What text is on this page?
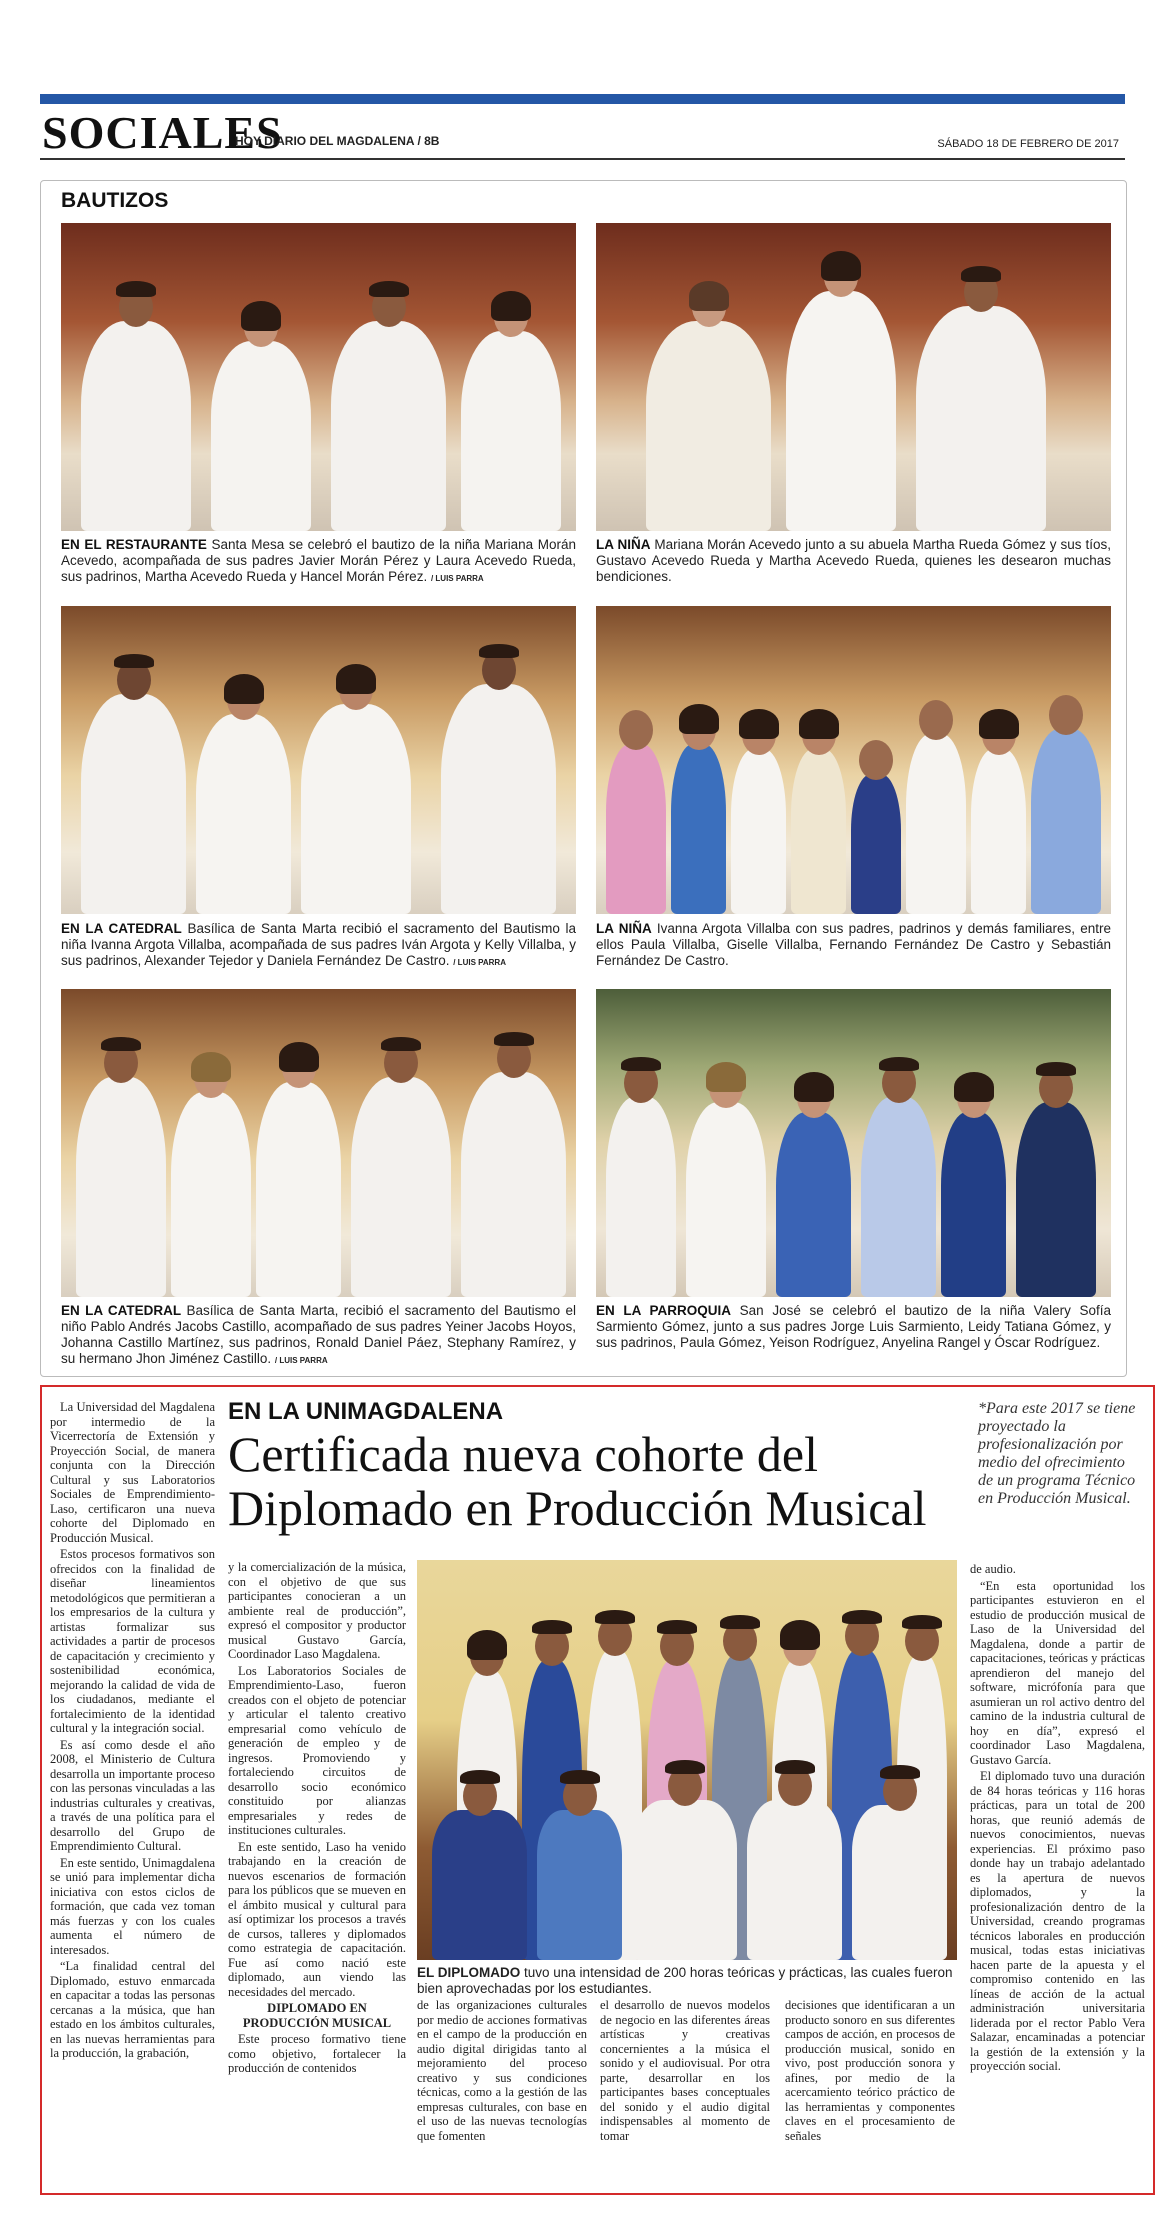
SOCIALES
HOY DIARIO DEL MAGDALENA / 8B	SÁBADO 18 DE FEBRERO DE 2017
BAUTIZOS
EN EL RESTAURANTE Santa Mesa se celebró el bautizo de la niña Mariana Morán Acevedo, acompañada de sus padres Javier Morán Pérez y Laura Acevedo Rueda, sus padrinos, Martha Acevedo Rueda y Hancel Morán Pérez. / LUIS PARRA
LA NIÑA Mariana Morán Acevedo junto a su abuela Martha Rueda Gómez y sus tíos, Gustavo Acevedo Rueda y Martha Acevedo Rueda, quienes les desearon muchas bendiciones.
EN LA CATEDRAL Basílica de Santa Marta recibió el sacramento del Bautismo la niña Ivanna Argota Villalba, acompañada de sus padres Iván Argota y Kelly Villalba, y sus padrinos, Alexander Tejedor y Daniela Fernández De Castro. / LUIS PARRA
LA NIÑA Ivanna Argota Villalba con sus padres, padrinos y demás familiares, entre ellos Paula Villalba, Giselle Villalba, Fernando Fernández De Castro y Sebastián Fernández De Castro.
EN LA CATEDRAL Basílica de Santa Marta, recibió el sacramento del Bautismo el niño Pablo Andrés Jacobs Castillo, acompañado de sus padres Yeiner Jacobs Hoyos, Johanna Castillo Martínez, sus padrinos, Ronald Daniel Páez, Stephany Ramírez, y su hermano Jhon Jiménez Castillo. / LUIS PARRA
EN LA PARROQUIA San José se celebró el bautizo de la niña Valery Sofía Sarmiento Gómez, junto a sus padres Jorge Luis Sarmiento, Leidy Tatiana Gómez, y sus padrinos, Paula Gómez, Yeison Rodríguez, Anyelina Rangel y Óscar Rodríguez.

La Universidad del Magdalena por intermedio de la Vicerrectoría de Extensión y Proyección Social, de manera conjunta con la Dirección Cultural y sus Laboratorios Sociales de Emprendimiento-Laso, certificaron una nueva cohorte del Diplomado en Producción Musical.

Estos procesos formativos son ofrecidos con la finalidad de diseñar lineamientos metodológicos que permitieran a los empresarios de la cultura y artistas formalizar sus actividades a partir de procesos de capacitación y crecimiento y sostenibilidad económica, mejorando la calidad de vida de los ciudadanos, mediante el fortalecimiento de la identidad cultural y la integración social.

Es así como desde el año 2008, el Ministerio de Cultura desarrolla un importante proceso con las personas vinculadas a las industrias culturales y creativas, a través de una política para el desarrollo del Grupo de Emprendimiento Cultural.

En este sentido, Unimagdalena se unió para implementar dicha iniciativa con estos ciclos de formación, que cada vez toman más fuerzas y con los cuales aumenta el número de interesados.

“La finalidad central del Diplomado, estuvo enmarcada en capacitar a todas las personas cercanas a la música, que han estado en los ámbitos culturales, en las nuevas herramientas para la producción, la grabación,

EN LA UNIMAGDALENA
Certificada nueva cohorte del
Diplomado en Producción Musical
*Para este 2017 se tiene proyectado la profesionalización por medio del ofrecimiento de un programa Técnico en Producción Musical.

y la comercialización de la música, con el objetivo de que sus participantes conocieran a un ambiente real de producción”, expresó el compositor y productor musical Gustavo García, Coordinador Laso Magdalena.

Los Laboratorios Sociales de Emprendimiento-Laso, fueron creados con el objeto de potenciar y articular el talento creativo empresarial como vehículo de generación de empleo y de ingresos. Promoviendo y fortaleciendo circuitos de desarrollo socio económico constituido por alianzas empresariales y redes de instituciones culturales.

En este sentido, Laso ha venido trabajando en la creación de nuevos escenarios de formación para los públicos que se mueven en el ámbito musical y cultural para así optimizar los procesos a través de cursos, talleres y diplomados como estrategia de capacitación. Fue así como nació este diplomado, aun viendo las necesidades del mercado.

DIPLOMADO EN PRODUCCIÓN MUSICAL

Este proceso formativo tiene como objetivo, fortalecer la producción de contenidos

EL DIPLOMADO tuvo una intensidad de 200 horas teóricas y prácticas, las cuales fueron bien aprovechadas por los estudiantes.

de las organizaciones culturales por medio de acciones formativas en el campo de la producción en audio digital dirigidas tanto al mejoramiento del proceso creativo y sus condiciones técnicas, como a la gestión de las empresas culturales, con base en el uso de las nuevas tecnologías que fomenten

el desarrollo de nuevos modelos de negocio en las diferentes áreas artísticas y creativas concernientes a la música el sonido y el audiovisual. Por otra parte, desarrollar en los participantes bases conceptuales del sonido y el audio digital indispensables al momento de tomar

decisiones que identificaran a un producto sonoro en sus diferentes campos de acción, en procesos de producción musical, sonido en vivo, post producción sonora y afines, por medio de la acercamiento teórico práctico de las herramientas y componentes claves en el procesamiento de señales

de audio.

“En esta oportunidad los participantes estuvieron en el estudio de producción musical de Laso de la Universidad del Magdalena, donde a partir de capacitaciones, teóricas y prácticas aprendieron del manejo del software, micrófonía para que asumieran un rol activo dentro del camino de la industria cultural de hoy en día”, expresó el coordinador Laso Magdalena, Gustavo García.

El diplomado tuvo una duración de 84 horas teóricas y 116 horas prácticas, para un total de 200 horas, que reunió además de nuevos conocimientos, nuevas experiencias. El próximo paso donde hay un trabajo adelantado es la apertura de nuevos diplomados, y la profesionalización dentro de la Universidad, creando programas técnicos laborales en producción musical, todas estas iniciativas hacen parte de la apuesta y el compromiso contenido en las líneas de acción de la actual administración universitaria liderada por el rector Pablo Vera Salazar, encaminadas a potenciar la gestión de la extensión y la proyección social.
